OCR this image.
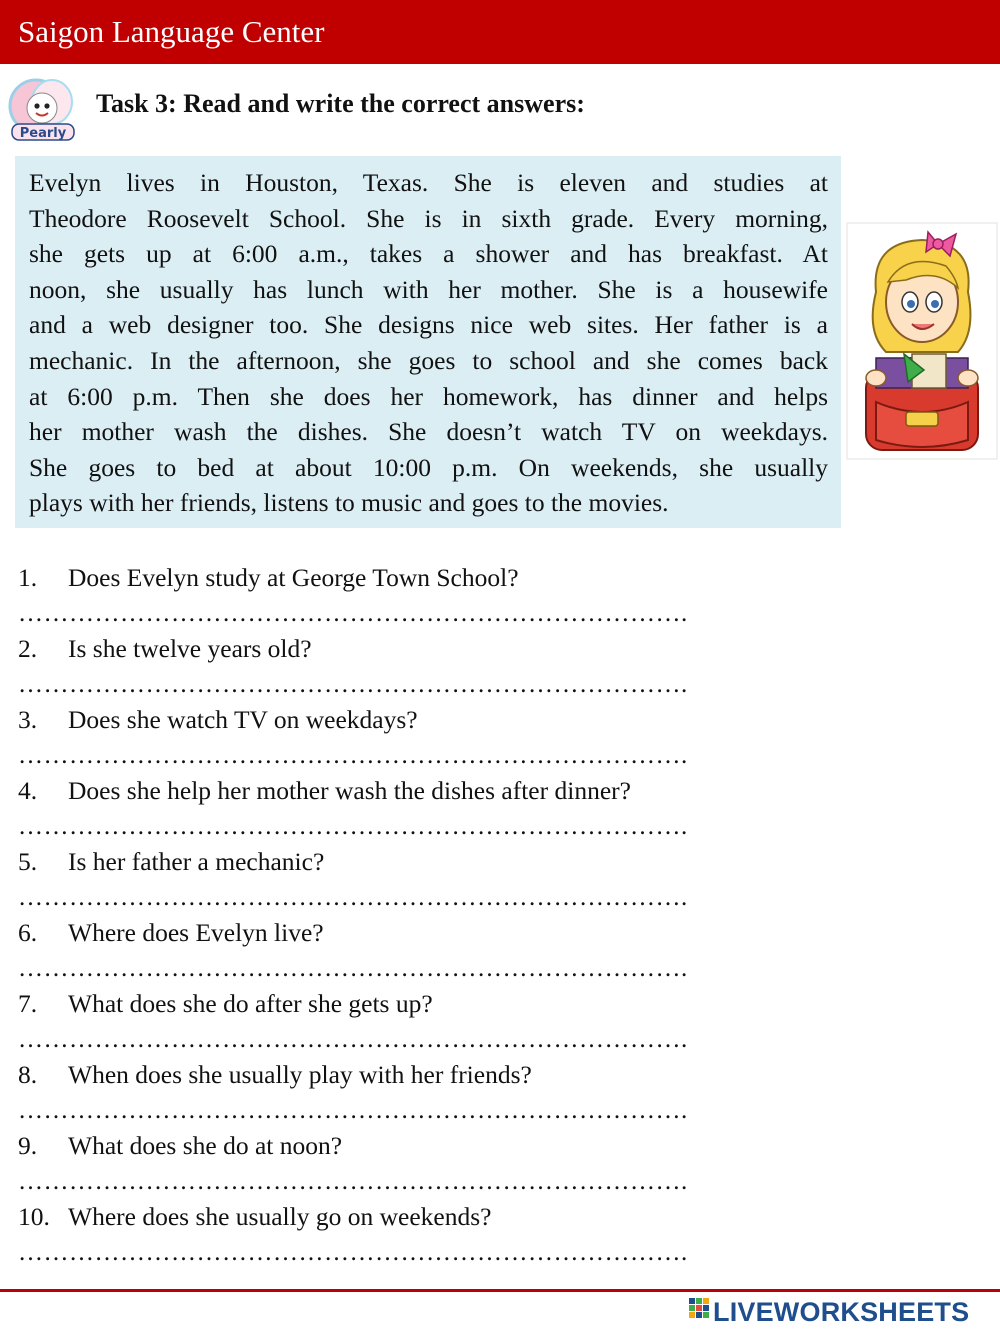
Saigon Language Center
Pearly
Task 3: Read and write the correct answers:
Evelyn lives in Houston, Texas. She is eleven and studies at
Theodore Roosevelt School. She is in sixth grade. Every morning,
she gets up at 6:00 a.m., takes a shower and has breakfast. At
noon, she usually has lunch with her mother. She is a housewife
and a web designer too. She designs nice web sites. Her father is a
mechanic. In the afternoon, she goes to school and she comes back
at 6:00 p.m. Then she does her homework, has dinner and helps
her mother wash the dishes. She doesn’t watch TV on weekdays.
She goes to bed at about 10:00 p.m. On weekends, she usually
plays with her friends, listens to music and goes to the movies.
1. Does Evelyn study at George Town School?
…………………………………………………………………….
2. Is she twelve years old?
…………………………………………………………………….
3. Does she watch TV on weekdays?
…………………………………………………………………….
4. Does she help her mother wash the dishes after dinner?
…………………………………………………………………….
5. Is her father a mechanic?
…………………………………………………………………….
6. Where does Evelyn live?
…………………………………………………………………….
7. What does she do after she gets up?
…………………………………………………………………….
8. When does she usually play with her friends?
…………………………………………………………………….
9. What does she do at noon?
…………………………………………………………………….
10. Where does she usually go on weekends?
…………………………………………………………………….
LIVEWORKSHEETS
